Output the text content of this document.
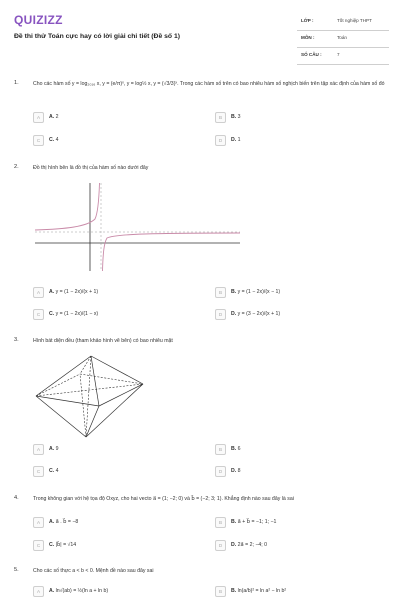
QUIZIZZ
Đề thi thử Toán cực hay có lời giải chi tiết (Đề số 1)
LỚP :	Tốt nghiệp THPT
MÔN :	Toán
SỐ CÂU :	7
1.	Cho các hàm số y = log₂₀₁₆ x, y = (e/π)ˣ, y = log½ x, y = (√3/3)ˣ. Trong các hàm số trên có bao nhiêu hàm số nghịch biến trên tập xác định của hàm số đó
A	A. 2	B	B. 3
C	C. 4	D	D. 1
2.	Đồ thị hình bên là đồ thị của hàm số nào dưới đây
A	A. y = (1 − 2x)/(x + 1)	B	B. y = (1 − 2x)/(x − 1)
C	C. y = (1 − 2x)/(1 − x)	D	D. y = (3 − 2x)/(x + 1)
3.	Hình bát diện đều (tham khảo hình vẽ bên) có bao nhiêu mặt
A	A. 9	B	B. 6
C	C. 4	D	D. 8
4.	Trong không gian với hệ tọa độ Oxyz, cho hai vecto a⃗ = (1; −2; 0) và b⃗ = (−2; 3; 1). Khẳng định nào sau đây là sai
A	A. a⃗ . b⃗ = −8	B	B. a⃗ + b⃗ = −1; 1; −1
C	C. |b⃗| = √14	D	D. 2a⃗ = 2; −4; 0
5.	Cho các số thực a < b < 0. Mệnh đề nào sau đây sai
A	A. ln√(ab) = ½(ln a + ln b)	B	B. ln(a/b)² = ln a² − ln b²
